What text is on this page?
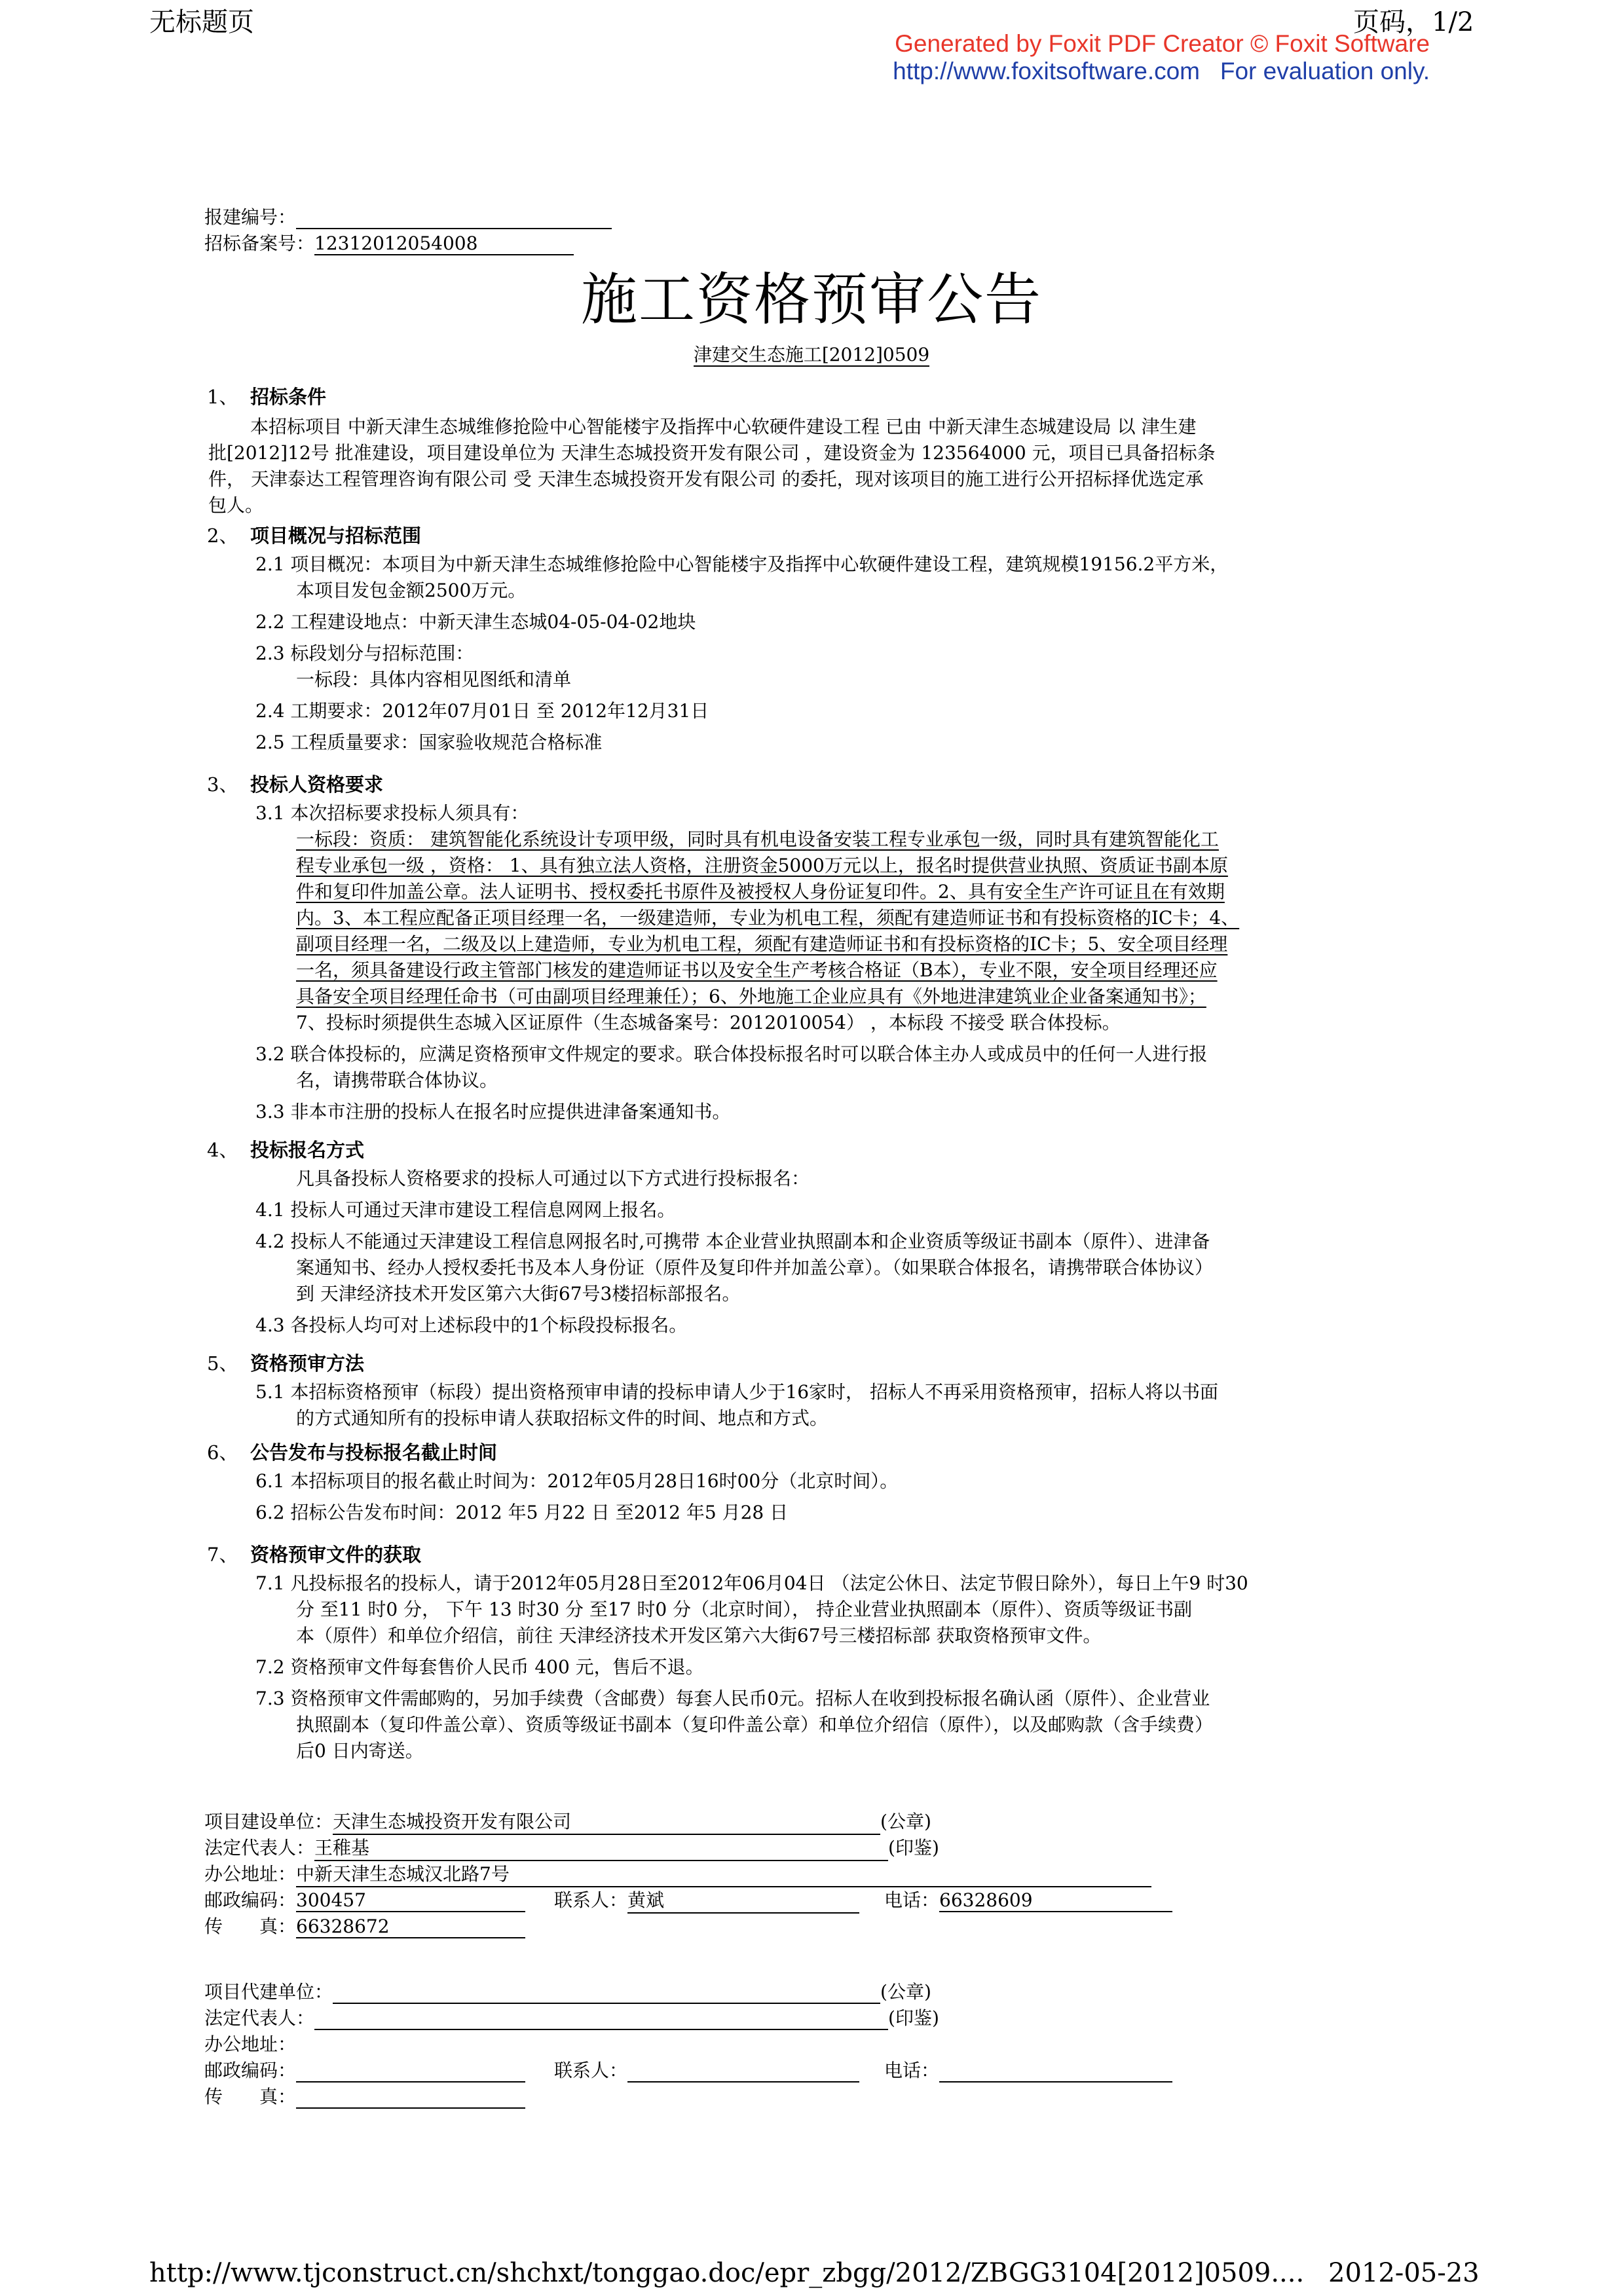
无标题页	页码，1/2
Generated by Foxit PDF Creator © Foxit Software
http://www.foxitsoftware.com For evaluation only.
报建编号：
招标备案号：12312012054008
施工资格预审公告
津建交生态施工[2012]0509
1、 招标条件
本招标项目 中新天津生态城维修抢险中心智能楼宇及指挥中心软硬件建设工程 已由 中新天津生态城建设局 以 津生建
批[2012]12号 批准建设，项目建设单位为 天津生态城投资开发有限公司 ，建设资金为 123564000 元，项目已具备招标条
件， 天津泰达工程管理咨询有限公司 受 天津生态城投资开发有限公司 的委托，现对该项目的施工进行公开招标择优选定承
包人。
2、 项目概况与招标范围
2.1 项目概况：本项目为中新天津生态城维修抢险中心智能楼宇及指挥中心软硬件建设工程，建筑规模19156.2平方米，
本项目发包金额2500万元。
2.2 工程建设地点：中新天津生态城04-05-04-02地块
2.3 标段划分与招标范围：
一标段：具体内容相见图纸和清单
2.4 工期要求：2012年07月01日 至 2012年12月31日
2.5 工程质量要求：国家验收规范合格标准
3、 投标人资格要求
3.1 本次招标要求投标人须具有：
一标段：资质： 建筑智能化系统设计专项甲级，同时具有机电设备安装工程专业承包一级，同时具有建筑智能化工
程专业承包一级 ，资格： 1、具有独立法人资格，注册资金5000万元以上，报名时提供营业执照、资质证书副本原
件和复印件加盖公章。法人证明书、授权委托书原件及被授权人身份证复印件。2、具有安全生产许可证且在有效期
内。3、本工程应配备正项目经理一名，一级建造师，专业为机电工程，须配有建造师证书和有投标资格的IC卡；4、
副项目经理一名，二级及以上建造师，专业为机电工程，须配有建造师证书和有投标资格的IC卡；5、安全项目经理
一名，须具备建设行政主管部门核发的建造师证书以及安全生产考核合格证（B本），专业不限，安全项目经理还应
具备安全项目经理任命书（可由副项目经理兼任）；6、外地施工企业应具有《外地进津建筑业企业备案通知书》；
7、投标时须提供生态城入区证原件（生态城备案号：2012010054） ，本标段 不接受 联合体投标。
3.2 联合体投标的，应满足资格预审文件规定的要求。联合体投标报名时可以联合体主办人或成员中的任何一人进行报
名，请携带联合体协议。
3.3 非本市注册的投标人在报名时应提供进津备案通知书。
4、 投标报名方式
凡具备投标人资格要求的投标人可通过以下方式进行投标报名：
4.1 投标人可通过天津市建设工程信息网网上报名。
4.2 投标人不能通过天津建设工程信息网报名时,可携带 本企业营业执照副本和企业资质等级证书副本（原件）、进津备
案通知书、经办人授权委托书及本人身份证（原件及复印件并加盖公章）。（如果联合体报名，请携带联合体协议）
到 天津经济技术开发区第六大街67号3楼招标部报名。
4.3 各投标人均可对上述标段中的1个标段投标报名。
5、 资格预审方法
5.1 本招标资格预审（标段）提出资格预审申请的投标申请人少于16家时， 招标人不再采用资格预审，招标人将以书面
的方式通知所有的投标申请人获取招标文件的时间、地点和方式。
6、 公告发布与投标报名截止时间
6.1 本招标项目的报名截止时间为：2012年05月28日16时00分（北京时间）。
6.2 招标公告发布时间：2012 年5 月22 日 至2012 年5 月28 日
7、 资格预审文件的获取
7.1 凡投标报名的投标人，请于2012年05月28日至2012年06月04日 （法定公休日、法定节假日除外），每日上午9 时30
分 至11 时0 分， 下午 13 时30 分 至17 时0 分（北京时间）， 持企业营业执照副本（原件）、资质等级证书副
本（原件）和单位介绍信，前往 天津经济技术开发区第六大街67号三楼招标部 获取资格预审文件。
7.2 资格预审文件每套售价人民币 400 元，售后不退。
7.3 资格预审文件需邮购的，另加手续费（含邮费）每套人民币0元。招标人在收到投标报名确认函（原件）、企业营业
执照副本（复印件盖公章）、资质等级证书副本（复印件盖公章）和单位介绍信（原件），以及邮购款（含手续费）
后0 日内寄送。
项目建设单位：天津生态城投资开发有限公司	(公章)
法定代表人：王稚基	(印鉴)
办公地址：中新天津生态城汉北路7号
邮政编码：300457	联系人：黄斌	电话：66328609
传　　真：66328672
项目代建单位：	(公章)
法定代表人：	(印鉴)
办公地址：
邮政编码：	联系人：	电话：
传　　真：
http://www.tjconstruct.cn/shchxt/tonggao.doc/epr_zbgg/2012/ZBGG3104[2012]0509.... 2012-05-23
